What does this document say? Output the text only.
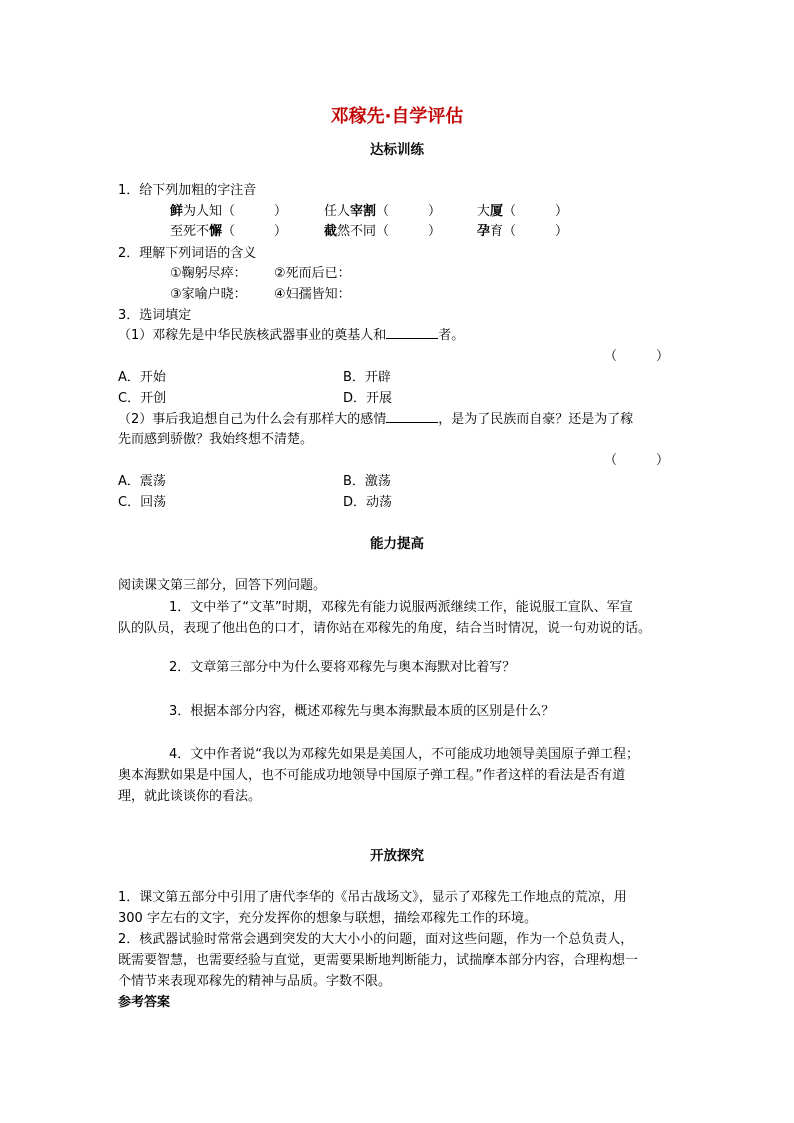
邓稼先·自学评估
达标训练
1．给下列加粗的字注音
鲜为人知（　　　）	任人宰割（　　　）	大厦（　　　）
至死不懈（　　　）	截然不同（　　　）	孕育（　　　）
2．理解下列词语的含义
①鞠躬尽瘁： ②死而后已：
③家喻户晓： ④妇孺皆知：
3．选词填定
（1）邓稼先是中华民族核武器事业的奠基人和	者。
（　　　）
A．开始	B．开辟
C．开创	D．开展
（2）事后我追想自己为什么会有那样大的感情	，是为了民族而自豪？还是为了稼
先而感到骄傲？我始终想不清楚。
（　　　）
A．震荡	B．激荡
C．回荡	D．动荡
能力提高
阅读课文第三部分，回答下列问题。
1．文中举了“文革”时期，邓稼先有能力说服两派继续工作，能说服工宣队、军宣
队的队员，表现了他出色的口才，请你站在邓稼先的角度，结合当时情况，说一句劝说的话。
2．文章第三部分中为什么要将邓稼先与奥本海默对比着写？
3．根据本部分内容，概述邓稼先与奥本海默最本质的区别是什么？
4．文中作者说“我以为邓稼先如果是美国人，不可能成功地领导美国原子弹工程；
奥本海默如果是中国人，也不可能成功地领导中国原子弹工程。”作者这样的看法是否有道
理，就此谈谈你的看法。
开放探究
1．课文第五部分中引用了唐代李华的《吊古战场文》，显示了邓稼先工作地点的荒凉，用
300 字左右的文字，充分发挥你的想象与联想，描绘邓稼先工作的环境。
2．核武器试验时常常会遇到突发的大大小小的问题，面对这些问题，作为一个总负责人，
既需要智慧，也需要经验与直觉，更需要果断地判断能力，试揣摩本部分内容，合理构想一
个情节来表现邓稼先的精神与品质。字数不限。
参考答案
